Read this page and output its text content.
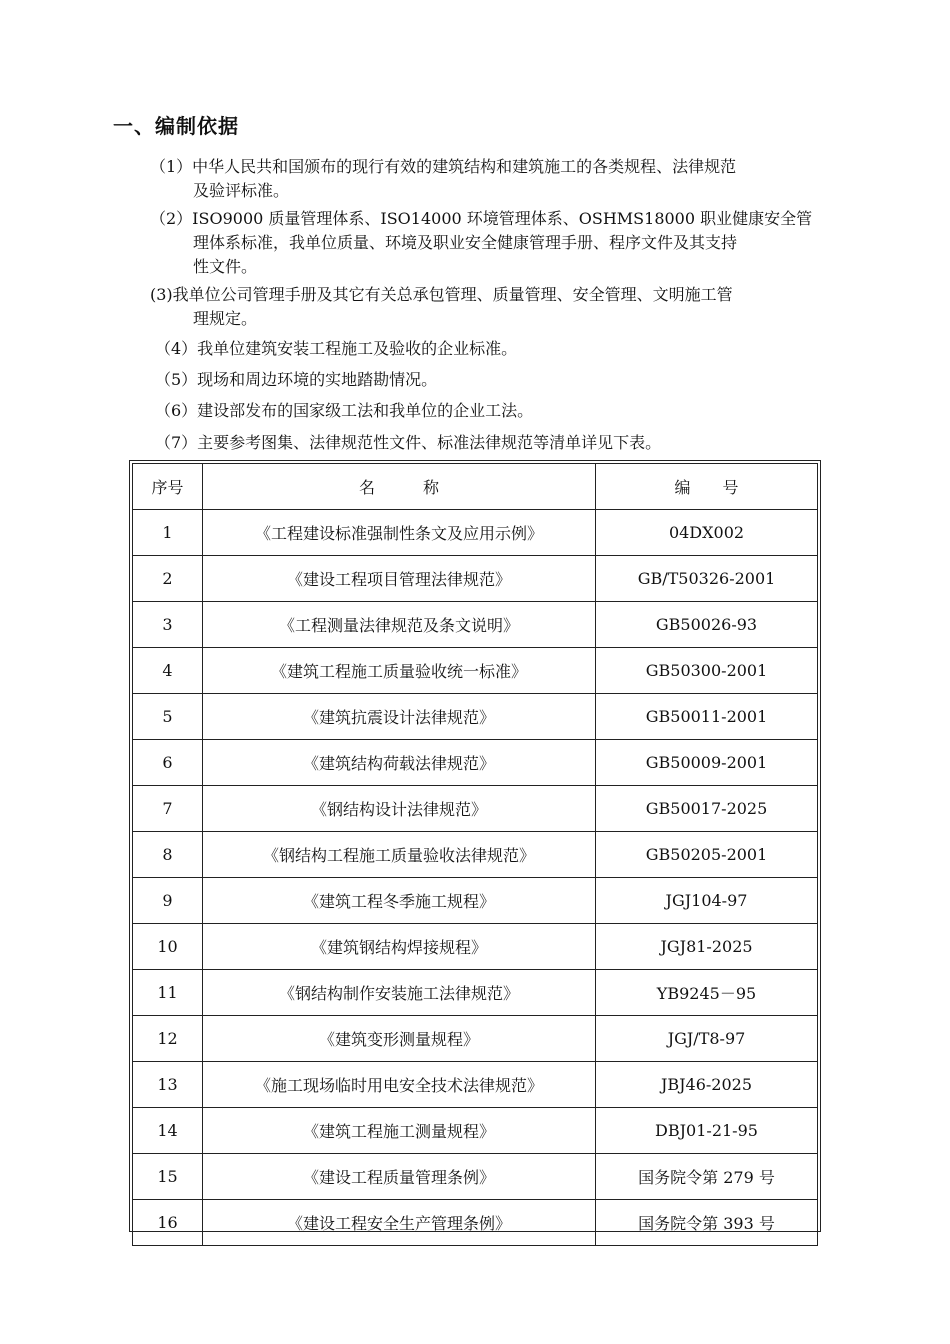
一、编制依据
（1）中华人民共和国颁布的现行有效的建筑结构和建筑施工的各类规程、法律规范
及验评标准。
（2）ISO9000 质量管理体系、ISO14000 环境管理体系、OSHMS18000 职业健康安全管
理体系标准，我单位质量、环境及职业安全健康管理手册、程序文件及其支持
性文件。
(3)我单位公司管理手册及其它有关总承包管理、质量管理、安全管理、文明施工管
理规定。
（4）我单位建筑安装工程施工及验收的企业标准。
（5）现场和周边环境的实地踏勘情况。
（6）建设部发布的国家级工法和我单位的企业工法。
（7）主要参考图集、法律规范性文件、标准法律规范等清单详见下表。
序号	名　　　称	编　　号
1	《工程建设标准强制性条文及应用示例》	04DX002
2	《建设工程项目管理法律规范》	GB/T50326-2001
3	《工程测量法律规范及条文说明》	GB50026-93
4	《建筑工程施工质量验收统一标准》	GB50300-2001
5	《建筑抗震设计法律规范》	GB50011-2001
6	《建筑结构荷载法律规范》	GB50009-2001
7	《钢结构设计法律规范》	GB50017-2025
8	《钢结构工程施工质量验收法律规范》	GB50205-2001
9	《建筑工程冬季施工规程》	JGJ104-97
10	《建筑钢结构焊接规程》	JGJ81-2025
11	《钢结构制作安装施工法律规范》	YB9245－95
12	《建筑变形测量规程》	JGJ/T8-97
13	《施工现场临时用电安全技术法律规范》	JBJ46-2025
14	《建筑工程施工测量规程》	DBJ01-21-95
15	《建设工程质量管理条例》	国务院令第 279 号
16	《建设工程安全生产管理条例》	国务院令第 393 号
